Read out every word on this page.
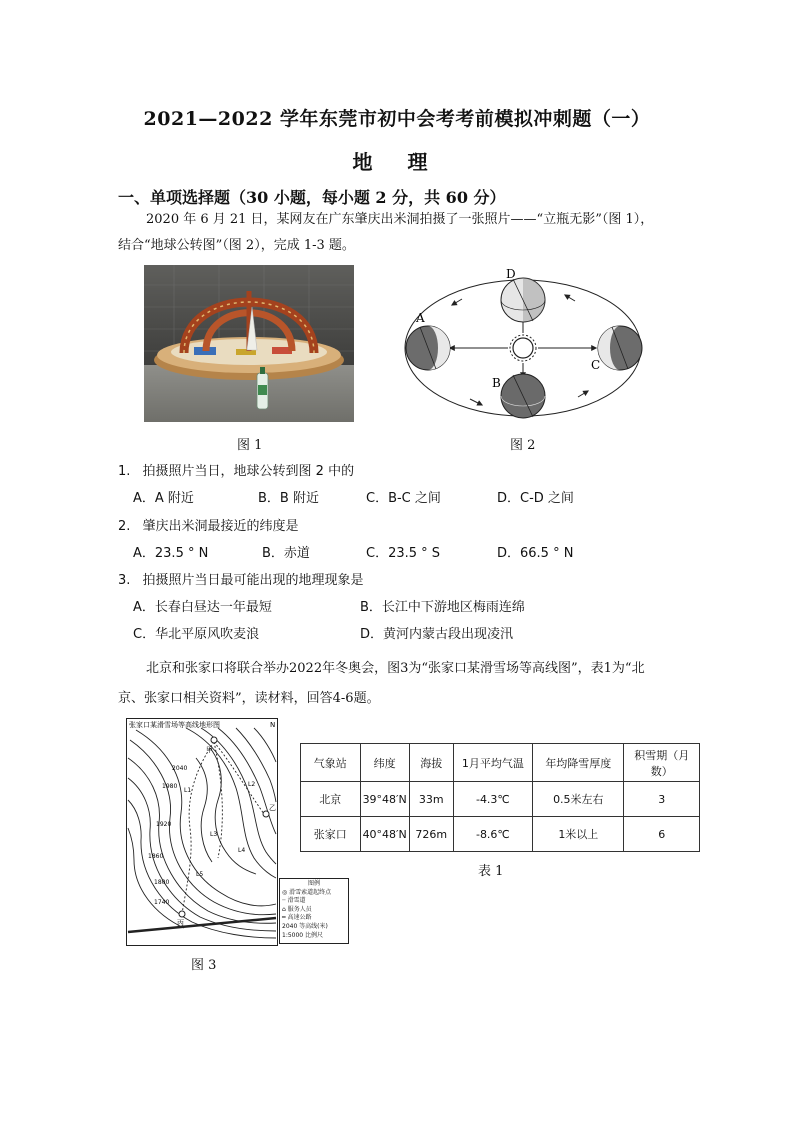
2021—2022 学年东莞市初中会考考前模拟冲刺题（一）
地 理
一、单项选择题（30 小题，每小题 2 分，共 60 分）
2020 年 6 月 21 日，某网友在广东肇庆出米洞拍摄了一张照片——“立瓶无影”（图 1），
结合“地球公转图”（图 2），完成 1-3 题。
图 1
D
A
B
C
图 2
1. 拍摄照片当日，地球公转到图 2 中的
A．A 附近	B．B 附近	C．B-C 之间	D．C-D 之间
2. 肇庆出米洞最接近的纬度是
A．23.5 ° N	B．赤道	C．23.5 ° S	D．66.5 ° N
3. 拍摄照片当日最可能出现的地理现象是
A．长春白昼达一年最短	B．长江中下游地区梅雨连绵
C．华北平原风吹麦浪	D．黄河内蒙古段出现凌汛
北京和张家口将联合举办2022年冬奥会，图3为“张家口某滑雪场等高线图”，表1为“北
京、张家口相关资料”，读材料，回答4-6题。
张家口某滑雪场等高线地形图	N
甲
乙
丙
2040
1980
1920
1860
1800
1740
L1
L2
L3
L4
L5
图例
◎ 滑雪索道起终点
┈ 滑雪道
⌂ 服务人员
━ 高速公路
2040 等高线(米)
1:5000 比例尺
图 3
气象站	纬度	海拔	1月平均气温	年均降雪厚度	积雪期（月数）
北京	39°48′N	33m	-4.3℃	0.5米左右	3
张家口	40°48′N	726m	-8.6℃	1米以上	6
表 1
